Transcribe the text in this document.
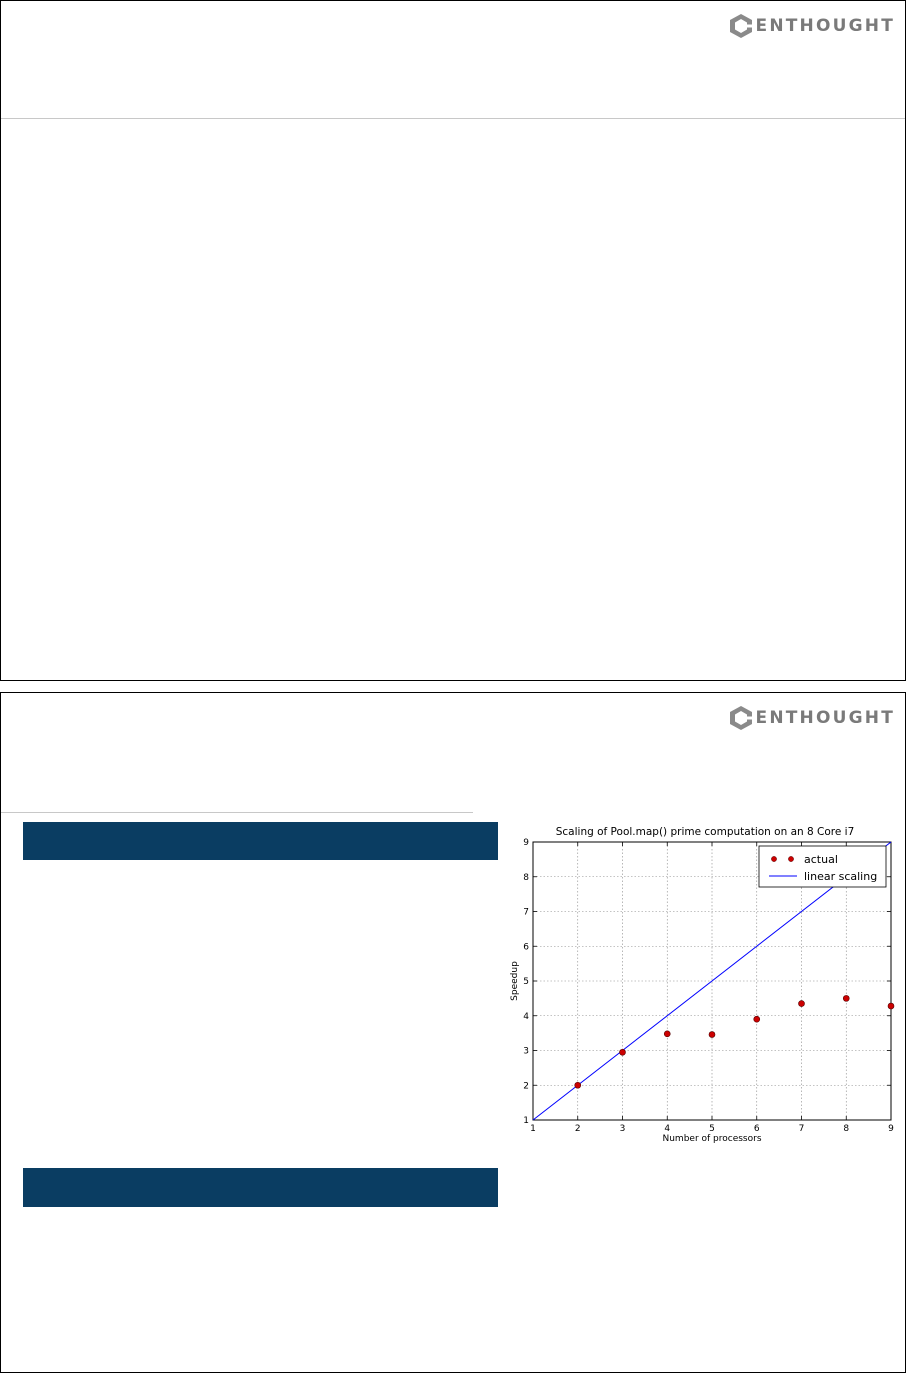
ENTHOUGHT
ENTHOUGHT
Scaling of Pool.map() prime computation on an 8 Core i7
1	2	3	4	5	6	7	8	9
1
2
3
4
5
6
7
8
9
actual
linear scaling
Number of processors
Speedup
